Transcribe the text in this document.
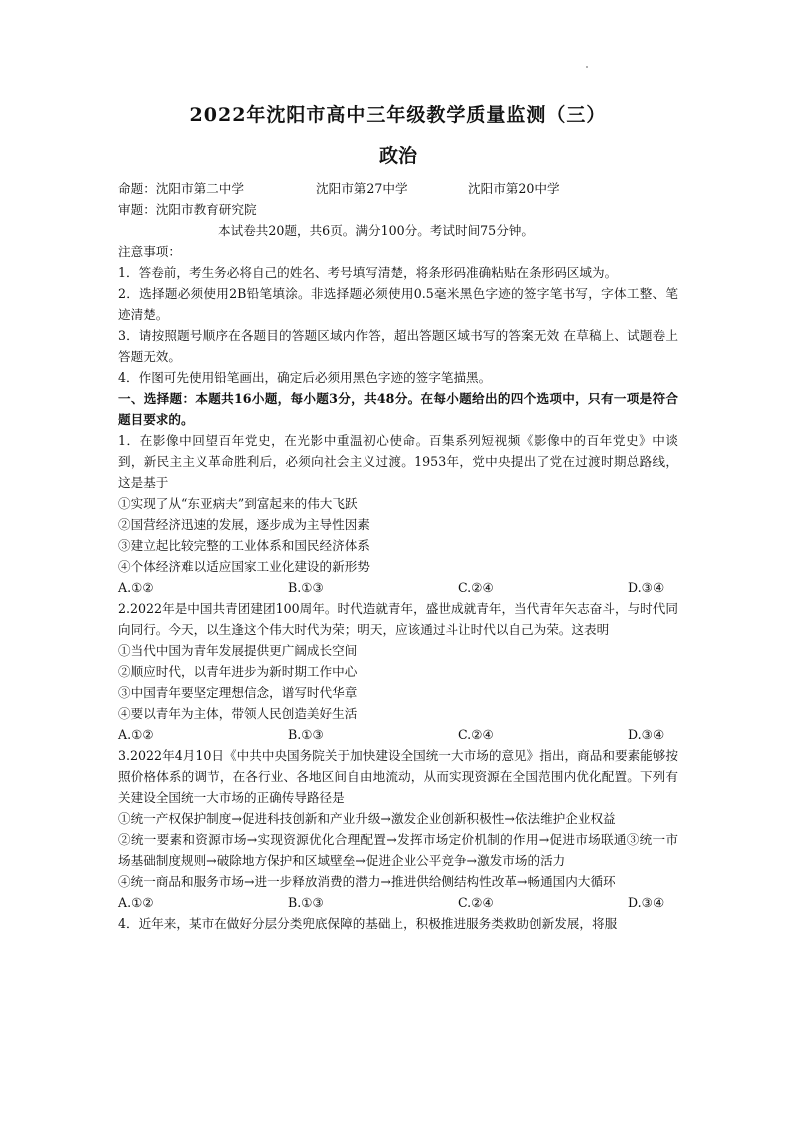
2022年沈阳市高中三年级教学质量监测（三）
政治
命题：沈阳市第二中学	沈阳市第27中学	沈阳市第20中学
审题：沈阳市教育研究院
本试卷共20题，共6页。满分100分。考试时间75分钟。
注意事项：
1．答卷前，考生务必将自己的姓名、考号填写清楚，将条形码准确粘贴在条形码区域为。
2．选择题必须使用2B铅笔填涂。非选择题必须使用0.5毫米黑色字迹的签字笔书写，字体工整、笔迹清楚。
3．请按照题号顺序在各题目的答题区域内作答，超出答题区域书写的答案无效 在草稿上、试题卷上答题无效。
4．作图可先使用铅笔画出，确定后必须用黑色字迹的签字笔描黑。
一、选择题：本题共16小题，每小题3分，共48分。在每小题给出的四个选项中，只有一项是符合题目要求的。
1．在影像中回望百年党史，在光影中重温初心使命。百集系列短视频《影像中的百年党史》中谈到，新民主主义革命胜利后，必须向社会主义过渡。1953年，党中央提出了党在过渡时期总路线，这是基于
①实现了从“东亚病夫”到富起来的伟大飞跃
②国营经济迅速的发展，逐步成为主导性因素
③建立起比较完整的工业体系和国民经济体系
④个体经济难以适应国家工业化建设的新形势
A.①②	B.①③	C.②④	D.③④
2.2022年是中国共青团建团100周年。时代造就青年，盛世成就青年，当代青年矢志奋斗，与时代同向同行。今天，以生逢这个伟大时代为荣；明天，应该通过斗让时代以自己为荣。这表明
①当代中国为青年发展提供更广阔成长空间
②顺应时代，以青年进步为新时期工作中心
③中国青年要坚定理想信念，谱写时代华章
④要以青年为主体，带领人民创造美好生活
A.①②	B.①③	C.②④	D.③④
3.2022年4月10日《中共中央国务院关于加快建设全国统一大市场的意见》指出，商品和要素能够按照价格体系的调节，在各行业、各地区间自由地流动，从而实现资源在全国范围内优化配置。下列有关建设全国统一大市场的正确传导路径是
①统一产权保护制度→促进科技创新和产业升级→激发企业创新积极性→依法维护企业权益
②统一要素和资源市场→实现资源优化合理配置→发挥市场定价机制的作用→促进市场联通③统一市场基础制度规则→破除地方保护和区域壁垒→促进企业公平竞争→激发市场的活力
④统一商品和服务市场→进一步释放消费的潜力→推进供给侧结构性改革→畅通国内大循环
A.①②	B.①③	C.②④	D.③④
4．近年来，某市在做好分层分类兜底保障的基础上，积极推进服务类救助创新发展，将服
